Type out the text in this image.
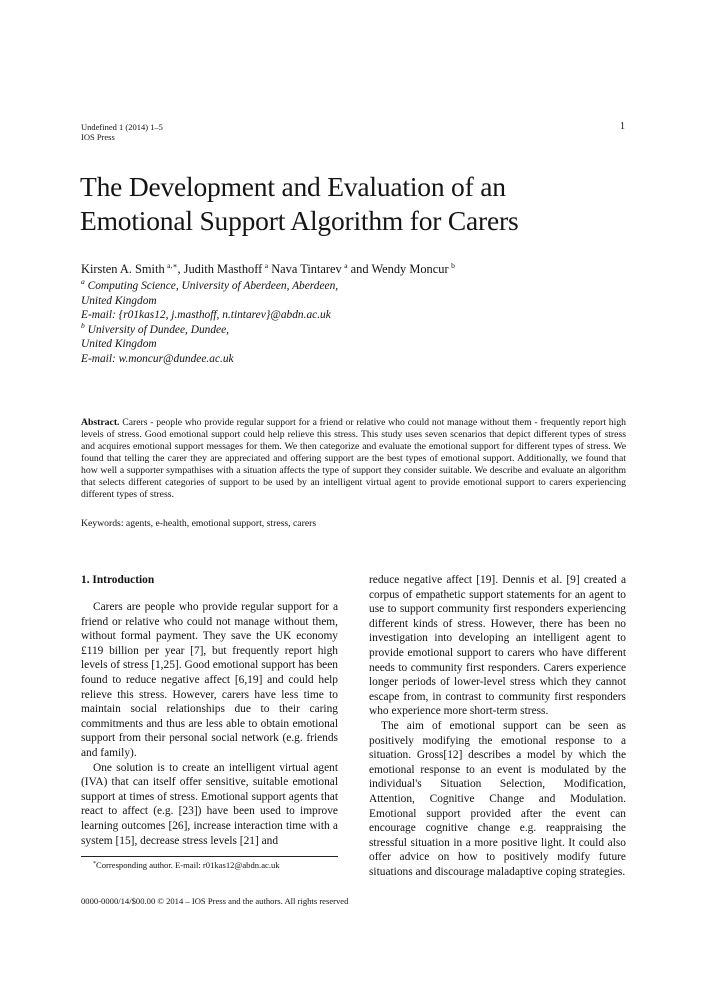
Undefined 1 (2014) 1–5
IOS Press
1
The Development and Evaluation of an
Emotional Support Algorithm for Carers
Kirsten A. Smith  $^{a,∗}$, Judith Masthoff  $^a$ Nava Tintarev  $^a$ and Wendy Moncur  $^b$
$^a$ Computing Science, University of Aberdeen, Aberdeen,
United Kingdom
E-mail: {r01kas12, j.masthoff, n.tintarev}@abdn.ac.uk
$^b$ University of Dundee, Dundee,
United Kingdom
E-mail: w.moncur@dundee.ac.uk
Abstract. Carers - people who provide regular support for a friend or relative who could not manage without them - frequently report high levels of stress. Good emotional support could help relieve this stress. This study uses seven scenarios that depict different types of stress and acquires emotional support messages for them. We then categorize and evaluate the emotional support for different types of stress. We found that telling the carer they are appreciated and offering support are the best types of emotional support. Additionally, we found that how well a supporter sympathises with a situation affects the type of support they consider suitable. We describe and evaluate an algorithm that selects different categories of support to be used by an intelligent virtual agent to provide emotional support to carers experiencing different types of stress.
Keywords: agents, e-health, emotional support, stress, carers
1. Introduction

Carers are people who provide regular support for a friend or relative who could not manage without them, without formal payment. They save the UK economy £119 billion per year [7], but frequently report high levels of stress [1,25]. Good emotional support has been found to reduce negative affect [6,19] and could help relieve this stress. However, carers have less time to maintain social relationships due to their caring commitments and thus are less able to obtain emotional support from their personal social network (e.g. friends and family).

One solution is to create an intelligent virtual agent (IVA) that can itself offer sensitive, suitable emotional support at times of stress. Emotional support agents that react to affect (e.g. [23]) have been used to improve learning outcomes [26], increase interaction time with a system [15], decrease stress levels [21] and

reduce negative affect [19]. Dennis et al. [9] created a corpus of empathetic support statements for an agent to use to support community first responders experiencing different kinds of stress. However, there has been no investigation into developing an intelligent agent to provide emotional support to carers who have different needs to community first responders. Carers experience longer periods of lower-level stress which they cannot escape from, in contrast to community first responders who experience more short-term stress.

The aim of emotional support can be seen as positively modifying the emotional response to a situation. Gross[12] describes a model by which the emotional response to an event is modulated by the individual's Situation Selection, Modification, Attention, Cognitive Change and Modulation. Emotional support provided after the event can encourage cognitive change e.g. reappraising the stressful situation in a more positive light. It could also offer advice on how to positively modify future situations and discourage maladaptive coping strategies.

*Corresponding author. E-mail: r01kas12@abdn.ac.uk
0000-0000/14/$00.00 © 2014 – IOS Press and the authors. All rights reserved
